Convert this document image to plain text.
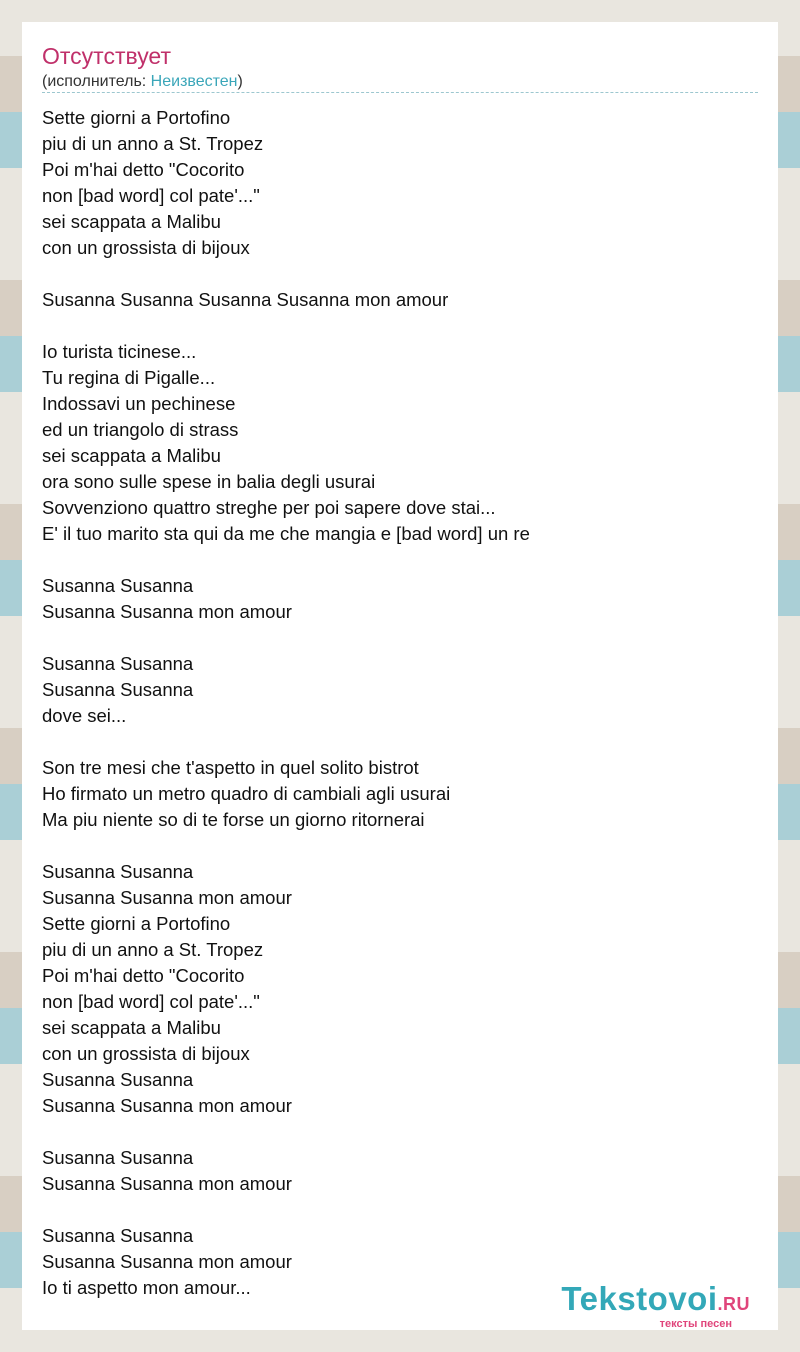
Отсутствует
(исполнитель: Неизвестен)
Sette giorni a Portofino
piu di un anno a St. Tropez
Poi m'hai detto "Cocorito
non [bad word] col pate'..."
sei scappata a Malibu
con un grossista di bijoux
Susanna Susanna Susanna Susanna mon amour
Io turista ticinese...
Tu regina di Pigalle...
Indossavi un pechinese
ed un triangolo di strass
sei scappata a Malibu
ora sono sulle spese in balia degli usurai
Sovvenziono quattro streghe per poi sapere dove stai...
E' il tuo marito sta qui da me che mangia e [bad word] un re
Susanna Susanna
Susanna Susanna mon amour
Susanna Susanna
Susanna Susanna
dove sei...
Son tre mesi che t'aspetto in quel solito bistrot
Ho firmato un metro quadro di cambiali agli usurai
Ma piu niente so di te forse un giorno ritornerai
Susanna Susanna
Susanna Susanna mon amour
Sette giorni a Portofino
piu di un anno a St. Tropez
Poi m'hai detto "Cocorito
non [bad word] col pate'..."
sei scappata a Malibu
con un grossista di bijoux
Susanna Susanna
Susanna Susanna mon amour
Susanna Susanna
Susanna Susanna mon amour
Susanna Susanna
Susanna Susanna mon amour
Io ti aspetto mon amour...	Tekstovoi.RU
тексты песен
